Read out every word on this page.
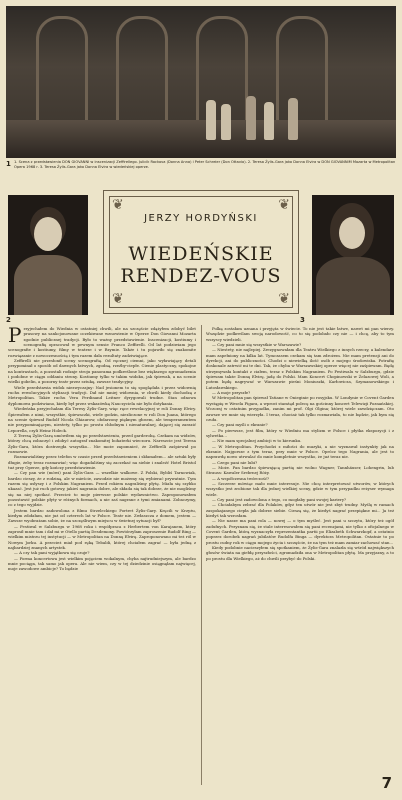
1 1. Scena z przedstawienia DON GIOVANNI w inscenizacji Zeffirellego. Julicik Rockova (Donna Anna) i Peter Schreier (Don Ottavio). 2. Teresa Żylis-Gara jako Donna Elvira w DON GIOVANNIM Mozarta w Metropolitan Opera 1968 r. 3. Teresa Żylis-Gara jako Donna Elvira w wiedeńskiej operze.
2	3
❦	❦
❦	❦
JERZY HORDYŃSKI
WIEDEŃSKIE
RENDEZ-VOUS
P rzyjechałem do Wiednia w ostatniej chwili, ale na szczęście zdążyłem zdobyć bilet prasowy na sankcjonowane oczekiwane wznowienie w Operze Don Giovanni Mozarta zgodnie publicznej tradycji. Było to ważny przedstawienie. Inscenizacji, kostiumy i scenografię opracował w pewnym sensie Franco Zeffirelli. Od lat podziwiam jego scenografie i kostiumy, filmy w teatrze i w Rzymie. Także i tu pojawiło się znakomite rozwiązanie z nowoczesnością i tym razem dała rezultaty zadziwiające.

Zeffirelli nie przesłonił sceny scenografią. Od ręcznej ciemni, jako wyławiający detali przypominał o sposób od dawnych łatwych, zgodną, rzeźby-ciepłe. Cienie plastyczny, spokojne na kontrastach, a pozostali rodzaje stroju panorama podkreślone bez większego zgromadzenia i podobne w ciągu oddaniu strony. Kostiumy tylko w takim widoku, jak śpiewak, a na scenie wielki gobelin, a pozorny teatr przez sztukę, zawsze tradycyjny.

Wiele przedstawia widok niezwyczajny: Nad jesionem to się spoglądała i przez widownię ruchu rewolucyjnych stylizacji tradycji. Dał nie mniej widownia, w chwili kiedy dochodzą z Metropolitan. Także ruchu Vera Ferdinand Leitner dyrygowali trudne. Stan odnowa dyplomowa podziwiano, kiedy był przez wskazówką Nauczyciela nie było dotykania.

Wiedeńska przyjechałam dla Teresy Żylis-Gary, więc ręce rewelacyjnej w roli Donny Elviry. Śpiewałem z nimi, wszystkie, śpiewaczki, wiele godzin, niezliczone w roli Don Juana, którego na scenie śpiewał Rudolf Nicola Ghiaurow, obdarzony pięknym głosem, ale temperamentem nie przypominającym, niestety, tylko po prostu chłodnym i nienaturalnej, dającej się zarazić Leporella, czyli Heinz Holeck.

Z Teresą Żylis-Garą umówiłem się po przedstawieniu, przed garderobą. Czekam na widzów, którzy chcą zobaczyć i zdobyć autograf znakomitej bohaterki wieczoru. Nareszcie jest Teresa Żylis-Gara, która dostrzegła wszystko... Nie może zapomnieć, że Zeffirelli zaśpiewał po rozmowie.

Rozmawialiśmy przez telefon w czasie przed przedstawieniem i skłamałem... ale sztuki były długie, żeby teraz rozmawiać; więc dogadaliśmy się zaczekać na siebie i znaleźć Hotel Bristol tuż przy Operze, gdy kończy przedstawienie.

— Czy pan wie (mówi) pani Żylis-Gara — wszelkie walkowe. Z Polski, Bybliś Tarnowiak, bardzo cieszy, że z rodziną, ale w mieście, zawodzie nie możemy się wybierać prywatnie. Tym razem się usłyszy i z Polskim Nagraniem. Przed rokiem nagraliśmy płytę. Miała się szybko ukazać. Jest już ruch gotowy, jakieś nagrania dobre, ale składa się tak dobrze, że nie mogliśmy się na niej spotkać. Przecież to moje pierwsze polskie wydawnictwo. Zaproponowałem pozostawić polskie płyty w różnych formach, a nie zaś nagrane z tymi zmianami. Zobaczymy, co z tego wyjdzie.

Jestem bardzo zadowolona z filmu Strzeleckiego Portret Żylis-Gary. Kręcili w Krzyżu, kiedym zdołałam, nie już od czterech lat w Polsce. Teatr nie. Zwłaszcza z domem, jestem — Zawsze wyobrażam sobie, że na szczęśliwym miejscu w świetnej sytuacji był?

— Festiwal w Salzburgu w 1968 roku i współpraca z Herbertem von Karajanem, który zaprosił mnie tam i dał mi w Otello partię Desdemony. Powtórzyłam zaproszenie Rudolf Bing — wielkim mistrzu tej instytucji — w Metropolitan na Donnę Elvirę. Zaproponowano mi też ról w Nowym Jorku. A przecież miał pod ręką Tebaldi, której chciałem zagrać — była jedną z najbardziej znanych artystek.

— A czy tak pani wyjątkowa się czuje?

— Forma koncertowa jest wielkim pojęciem wokalnym, chyba najtrudniejszym, ale bardzo mnie pociąga, tak samo jak opera. Ale nie wiem, czy w tej dziedzinie osiągnęłam najwięcej, moje zawodowe ambicje? To będzie

Polką zostałam uznana i przyjęta w świecie. To nie jest takie łatwe, nawet mi pan wierzy. Wszędzie podkreślam swoją narodowość, co to się podobało czy nie — i chcę, aby to tym wszyscy wiedzieli.

— Czy pani mnie się wszystkie w Warszawie?

— Niestety, nie najlepiej. Zrezygnowałam dla Teatru Wielkiego z innych rzeczy, a kalendarz mam zapełniony na kilka lat. Tymczasem czekam się tam zdrożem. Nie mam pretensji ani do dyrekcji, ani do publiczności. Chodzi o niewielką ilość osób z mojego środowiska. Potrafię doskonale zatrwić mi te dni. Tak, że chyba w Warszawskiej operze więcej nie zaśpiewam. Będę utrzymywała kontakt z ciałem, teraz z Polskim Nagraniem. Po Festiwalu w Salzburgu, gdzie śpiewam także Donnę Elvirę, jadę do Polski. Mam Koncert Chopinowski w Żelazowej Woli, a potem będę nagrywać w Warszawie pieśni Moniuszki, Karłowicza, Szymanowskiego i Lutosławskiego.

— A moje przyszłe?

W Metropolitan pan śpiewał Tatiane w Onieginie po rosyjsku. W Londynie w Covent Garden wystąpię w Wesela Figara, a wprost stamtąd polecę na gościnny koncert Telewizji Poznańskiej. Wczoraj w ostatnim przypadku, zanim mi prof. Olgi Olgina; której wiele zawdzięczam. Oto zawsze we mnie się wierzyła. I teraz, chociaż tak tylko rozmawiała, to nie będzie, jak bym się czuła.

— Czy pani myśli o ekranie?

— Po pierwsze, jest film, który w Wiedniu ma stylizm w Polsce i płytka ekspozycji i z sylwetka...

— Nie mam specjalnej ambicji w to kierunku.

— W Metropolitan. Przychodzi z miłości do muzyki, a nie wyznawał instynkty jak na ekranie. Najgorsze z tym teraz, przy mnie w Polsce. Oprócz tego Nagrania, ale jest to naprawdę nowo utrwalać do mnie kompletnie wszystko, że już teraz nie.

— Czego pani nie lubi?

— Może. Pan bardzo śpiewającą partię nie wolno Wagner, Tannhäuser, Lohengrin, lub Strauss: Kawaler Srebrnej Róży.

— A współczesna twórczość?

— Szczerze mówiąc mało mnie interesuje. Nie chcę interpretować utworów, w których wszystko jest zrobione tak dla jednej wielkiej sceny, gdzie w tym przypadku reżyser wymaga wiele.

— Czy pani jest zadowolona z tego, co mogłaby pani swojej kariery?

— Chciałabym zebrać dla Polaków, gdyż ten utwór nie jest zbyt trudny. Myślę w ramach zaspokajanego ciepła jak dobrze siebie. Cieszą się, że kiedyś nagrać przepiękne mi... Ja też kiedyś tak wzrosłam.

— Nie nasze ma pani rola — nowej — o tym myśleć. Jest pani u szczytu, który też ogół zadufnych. Przyznam się, że stale interesowałem się pani recenzjami, nie tylko z oficjalnego w Covent Garden, którą wyznaczyła reprezentantka partii po Elizabeth Schwarzkopf, a ostatnio poprzez dorobek nagrań jubilatów Rudolfa Binga — dyrektora Metropolitan. Ostatnie to po prostu cudny rok w ciągu mojego życia i szczęście, że na tym też mam zamiar zachować stan...

Kiedy podobnie nacieszyłem się spotkaniem, że Żylis-Gara znalazła się wśród największych głosów świata na giełdę przyszłości, zgromadziła ona w Metropolitan płytę. Ma przyjazny, a to po prostu dla Wielkiego, aż do chwili przybyć do Polski.

7
